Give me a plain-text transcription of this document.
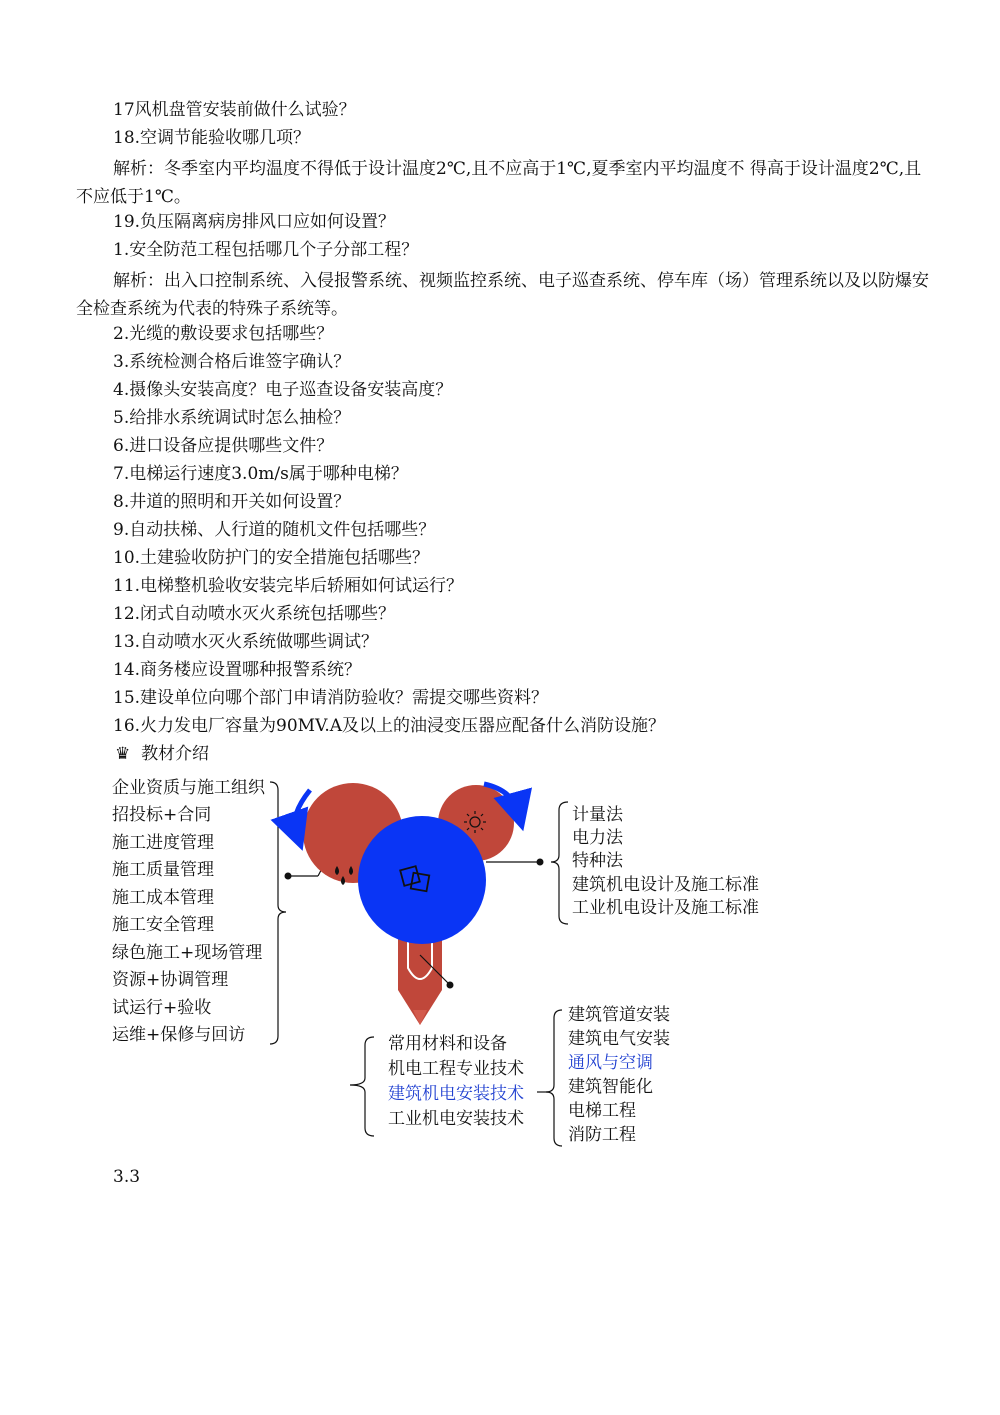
17风机盘管安装前做什么试验？
18.空调节能验收哪几项？
解析：冬季室内平均温度不得低于设计温度2℃,且不应高于1℃,夏季室内平均温度不 得高于设计温度2℃,且不应低于1℃。
19.负压隔离病房排风口应如何设置？
1.安全防范工程包括哪几个子分部工程？
解析：出入口控制系统、入侵报警系统、视频监控系统、电子巡查系统、停车库（场）管理系统以及以防爆安全检查系统为代表的特殊子系统等。
2.光缆的敷设要求包括哪些？
3.系统检测合格后谁签字确认？
4.摄像头安装高度？电子巡查设备安装高度？
5.给排水系统调试时怎么抽检？
6.进口设备应提供哪些文件？
7.电梯运行速度3.0m/s属于哪种电梯？
8.井道的照明和开关如何设置？
9.自动扶梯、人行道的随机文件包括哪些？
10.土建验收防护门的安全措施包括哪些？
11.电梯整机验收安装完毕后轿厢如何试运行？
12.闭式自动喷水灭火系统包括哪些？
13.自动喷水灭火系统做哪些调试？
14.商务楼应设置哪种报警系统？
15.建设单位向哪个部门申请消防验收？需提交哪些资料？
16.火力发电厂容量为90MV.A及以上的油浸变压器应配备什么消防设施？
♛ 教材介绍
企业资质与施工组织
招投标+合同
施工进度管理
施工质量管理
施工成本管理
施工安全管理
绿色施工+现场管理
资源+协调管理
试运行+验收
运维+保修与回访
计量法
电力法
特种法
建筑机电设计及施工标准
工业机电设计及施工标准
常用材料和设备
机电工程专业技术
建筑机电安装技术
工业机电安装技术
建筑管道安装
建筑电气安装
通风与空调
建筑智能化
电梯工程
消防工程
3.3
